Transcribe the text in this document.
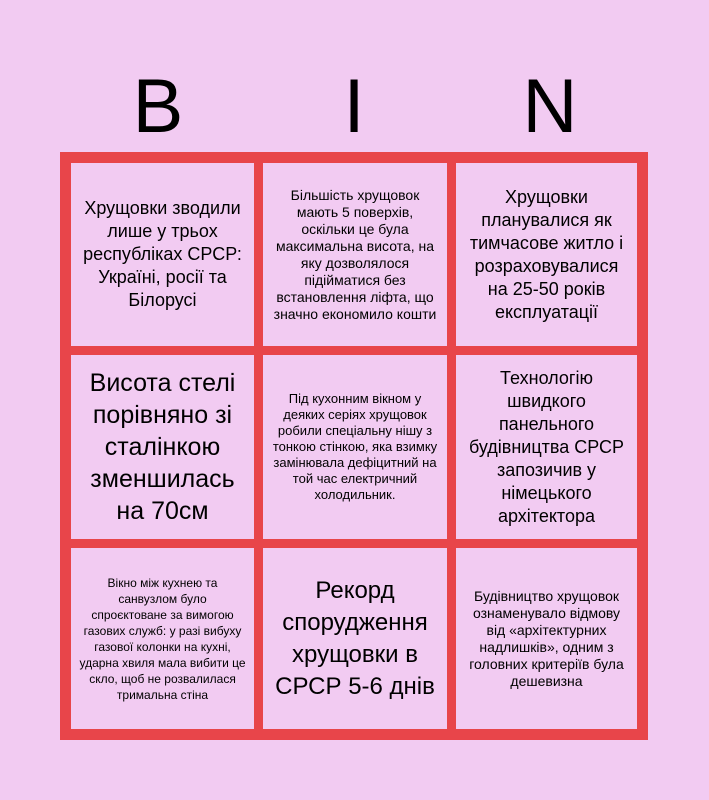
B	I	N
Хрущовки зводили лише у трьох республіках СРСР: Україні, росії та Білорусі
Більшість хрущовок мають 5 поверхів, оскільки це була максимальна висота, на яку дозволялося підійматися без встановлення ліфта, що значно економило кошти
Хрущовки планувалися як тимчасове житло і розраховувалися на 25-50 років експлуатації
Висота стелі порівняно зі сталінкою зменшилась на 70см
Під кухонним вікном у деяких серіях хрущовок робили спеціальну нішу з тонкою стінкою, яка взимку замінювала дефіцитний на той час електричний холодильник.
Технологію швидкого панельного будівництва СРСР запозичив у німецького архітектора
Вікно між кухнею та санвузлом було спроєктоване за вимогою газових служб: у разі вибуху газової колонки на кухні, ударна хвиля мала вибити це скло, щоб не розвалилася тримальна стіна
Рекорд спорудження хрущовки в СРСР 5-6 днів
Будівництво хрущовок ознаменувало відмову від «архітектурних надлишків», одним з головних критеріїв була дешевизна
